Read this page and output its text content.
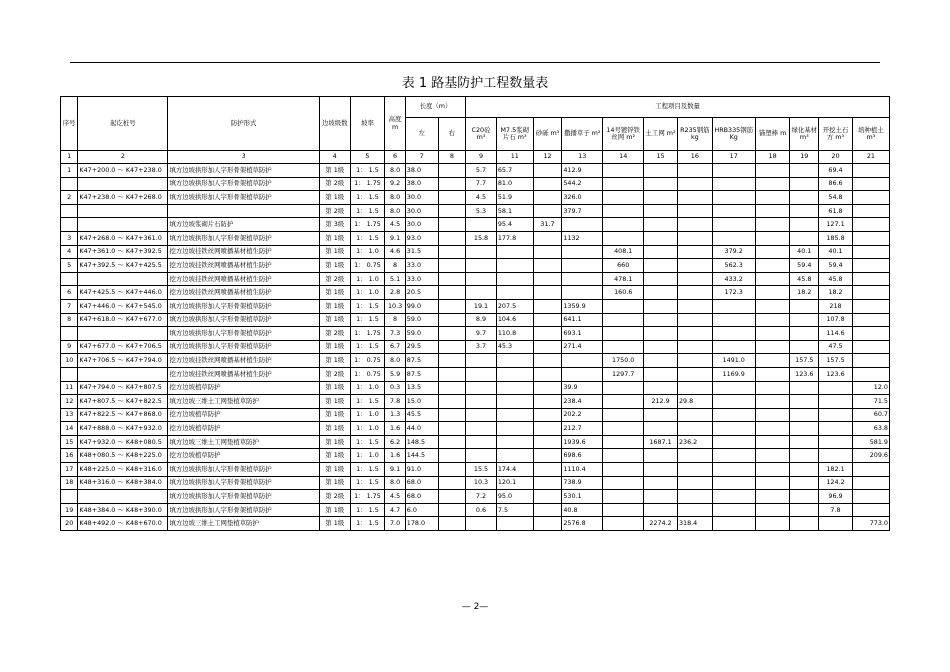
表 1 路基防护工程数量表
序号	起讫桩号	防护形式	边坡级数	坡率	高度 m	长度（m）		工程项目及数量											
						左	右	C20砼 m³	M7.5浆砌片石 m³	砂砾 m³	撒播草子 m²	14号镀锌铁丝网 m²	土工网 m²	R235钢筋 kg	HRB335钢筋 Kg	锚塑棒 m	绿化基材 m³	开挖土石方 m³	培种植土 m³
1	2	3	4	5	6	7	8	9	11	12	13	14	15	16	17	18	19	20	21
1	K47+200.0 ～ K47+238.0	填方边坡拱形加人字形骨架植草防护	第 1级	1： 1.5	8.0	38.0		5.7	65.7		412.9							69.4	
		填方边坡拱形加人字形骨架植草防护	第 2级	1： 1.75	9.2	38.0		7.7	81.0		544.2							86.6	
2	K47+238.0 ～ K47+268.0	填方边坡拱形加人字形骨架植草防护	第 1级	1： 1.5	8.0	30.0		4.5	51.9		326.0							54.8	
			第 2级	1： 1.5	8.0	30.0		5.3	58.1		379.7							61.8	
		填方边坡浆砌片石防护	第 3级	1： 1.75	4.5	30.0			95.4	31.7								127.1	
3	K47+268.0 ～ K47+361.0	填方边坡拱形加人字形骨架植草防护	第 1级	1： 1.5	9.1	93.0		15.8	177.8		1132							185.8	
4	K47+361.0 ～ K47+392.5	挖方边坡挂铁丝网喷播基材植生防护	第 1级	1： 1.0	4.6	31.5						408.1			379.2		40.1	40.1	
5	K47+392.5 ～ K47+425.5	挖方边坡挂铁丝网喷播基材植生防护	第 1级	1： 0.75	8	33.0						660			562.3		59.4	59.4	
		挖方边坡挂铁丝网喷播基材植生防护	第 2级	1： 1.0	5.1	33.0						478.1			433.2		45.8	45.8	
6	K47+425.5 ～ K47+446.0	挖方边坡挂铁丝网喷播基材植生防护	第 1级	1： 1.0	2.8	20.5						160.6			172.3		18.2	18.2	
7	K47+446.0 ～ K47+545.0	填方边坡拱形加人字形骨架植草防护	第 1级	1： 1.5	10.3	99.0		19.1	207.5		1359.9							218	
8	K47+618.0 ～ K47+677.0	填方边坡拱形加人字形骨架植草防护	第 1级	1： 1.5	8	59.0		8.9	104.6		641.1							107.8	
		填方边坡拱形加人字形骨架植草防护	第 2级	1： 1.75	7.3	59.0		9.7	110.8		693.1							114.6	
9	K47+677.0 ～ K47+706.5	填方边坡拱形加人字形骨架植草防护	第 1级	1： 1.5	6.7	29.5		3.7	45.3		271.4							47.5	
10	K47+706.5 ～ K47+794.0	挖方边坡挂铁丝网喷播基材植生防护	第 1级	1： 0.75	8.0	87.5						1750.0			1491.0		157.5	157.5	
		挖方边坡挂铁丝网喷播基材植生防护	第 2级	1： 0.75	5.9	87.5						1297.7			1169.9		123.6	123.6	
11	K47+794.0 ～ K47+807.5	挖方边坡植草防护	第 1级	1： 1.0	0.3	13.5					39.9								12.0
12	K47+807.5 ～ K47+822.5	填方边坡三维土工网垫植草防护	第 1级	1： 1.5	7.8	15.0					238.4		212.9	29.8					71.5
13	K47+822.5 ～ K47+868.0	挖方边坡植草防护	第 1级	1： 1.0	1.3	45.5					202.2								60.7
14	K47+888.0 ～ K47+932.0	挖方边坡植草防护	第 1级	1： 1.0	1.6	44.0					212.7								63.8
15	K47+932.0 ～ K48+080.5	填方边坡三维土工网垫植草防护	第 1级	1： 1.5	6.2	148.5					1939.6		1687.1	236.2					581.9
16	K48+080.5 ～ K48+225.0	挖方边坡植草防护	第 1级	1： 1.0	1.6	144.5					698.6								209.6
17	K48+225.0 ～ K48+316.0	填方边坡拱形加人字形骨架植草防护	第 1级	1： 1.5	9.1	91.0		15.5	174.4		1110.4							182.1	
18	K48+316.0 ～ K48+384.0	填方边坡拱形加人字形骨架植草防护	第 1级	1： 1.5	8.0	68.0		10.3	120.1		738.9							124.2	
		填方边坡拱形加人字形骨架植草防护	第 2级	1： 1.75	4.5	68.0		7.2	95.0		530.1							96.9	
19	K48+384.0 ～ K48+390.0	填方边坡拱形加人字形骨架植草防护	第 1级	1： 1.5	4.7	6.0		0.6	7.5		40.8							7.8	
20	K48+492.0 ～ K48+670.0	填方边坡三维土工网垫植草防护	第 1级	1： 1.5	7.0	178.0					2576.8		2274.2	318.4					773.0
— 2—
